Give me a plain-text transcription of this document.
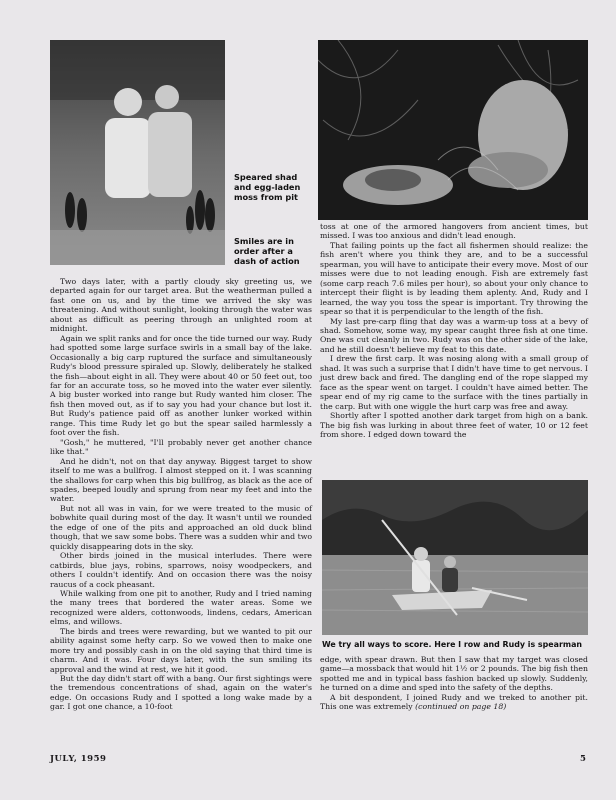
Speared shad
and egg-laden
moss from pit
Smiles are in
order after a
dash of action
We try all ways to score. Here I row and Rudy is spearman

Two days later, with a partly cloudy sky greeting us, we departed again for our target area. But the weatherman pulled a fast one on us, and by the time we arrived the sky was threatening. And without sunlight, looking through the water was about as difficult as peering through an unlighted room at midnight.

Again we split ranks and for once the tide turned our way. Rudy had spotted some large surface swirls in a small bay of the lake. Occasionally a big carp ruptured the surface and simultaneously Rudy's blood pressure spiraled up. Slowly, deliberately he stalked the fish—about eight in all. They were about 40 or 50 feet out, too far for an accurate toss, so he moved into the water ever silently. A big buster worked into range but Rudy wanted him closer. The fish then moved out, as if to say you had your chance but lost it. But Rudy's patience paid off as another lunker worked within range. This time Rudy let go but the spear sailed harmlessly a foot over the fish.

"Gosh," he muttered, "I'll probably never get another chance like that."

And he didn't, not on that day anyway. Biggest target to show itself to me was a bullfrog. I almost stepped on it. I was scanning the shallows for carp when this big bullfrog, as black as the ace of spades, beeped loudly and sprung from near my feet and into the water.

But not all was in vain, for we were treated to the music of bobwhite quail during most of the day. It wasn't until we rounded the edge of one of the pits and approached an old duck blind though, that we saw some bobs. There was a sudden whir and two quickly disappearing dots in the sky.

Other birds joined in the musical interludes. There were catbirds, blue jays, robins, sparrows, noisy woodpeckers, and others I couldn't identify. And on occasion there was the noisy raucus of a cock pheasant.

While walking from one pit to another, Rudy and I tried naming the many trees that bordered the water areas. Some we recognized were alders, cottonwoods, lindens, cedars, American elms, and willows.

The birds and trees were rewarding, but we wanted to pit our ability against some hefty carp. So we vowed then to make one more try and possibly cash in on the old saying that third time is charm. And it was. Four days later, with the sun smiling its approval and the wind at rest, we hit it good.

But the day didn't start off with a bang. Our first sightings were the tremendous concentrations of shad, again on the water's edge. On occasions Rudy and I spotted a long wake made by a gar. I got one chance, a 10-foot

toss at one of the armored hangovers from ancient times, but missed. I was too anxious and didn't lead enough.

That failing points up the fact all fishermen should realize: the fish aren't where you think they are, and to be a successful spearman, you will have to anticipate their every move. Most of our misses were due to not leading enough. Fish are extremely fast (some carp reach 7.6 miles per hour), so about your only chance to intercept their flight is by leading them aplenty. And, Rudy and I learned, the way you toss the spear is important. Try throwing the spear so that it is perpendicular to the length of the fish.

My last pre-carp fling that day was a warm-up toss at a bevy of shad. Somehow, some way, my spear caught three fish at one time. One was cut cleanly in two. Rudy was on the other side of the lake, and he still doesn't believe my feat to this date.

I drew the first carp. It was nosing along with a small group of shad. It was such a surprise that I didn't have time to get nervous. I just drew back and fired. The dangling end of the rope slapped my face as the spear went on target. I couldn't have aimed better. The spear end of my rig came to the surface with the tines partially in the carp. But with one wiggle the hurt carp was free and away.

Shortly after I spotted another dark target from high on a bank. The big fish was lurking in about three feet of water, 10 or 12 feet from shore. I edged down toward the

edge, with spear drawn. But then I saw that my target was closed game—a mossback that would hit 1½ or 2 pounds. The big fish then spotted me and in typical bass fashion backed up slowly. Suddenly, he turned on a dime and sped into the safety of the depths.

A bit despondent, I joined Rudy and we treked to another pit. This one was extremely (continued on page 18)

JULY, 1959	5
